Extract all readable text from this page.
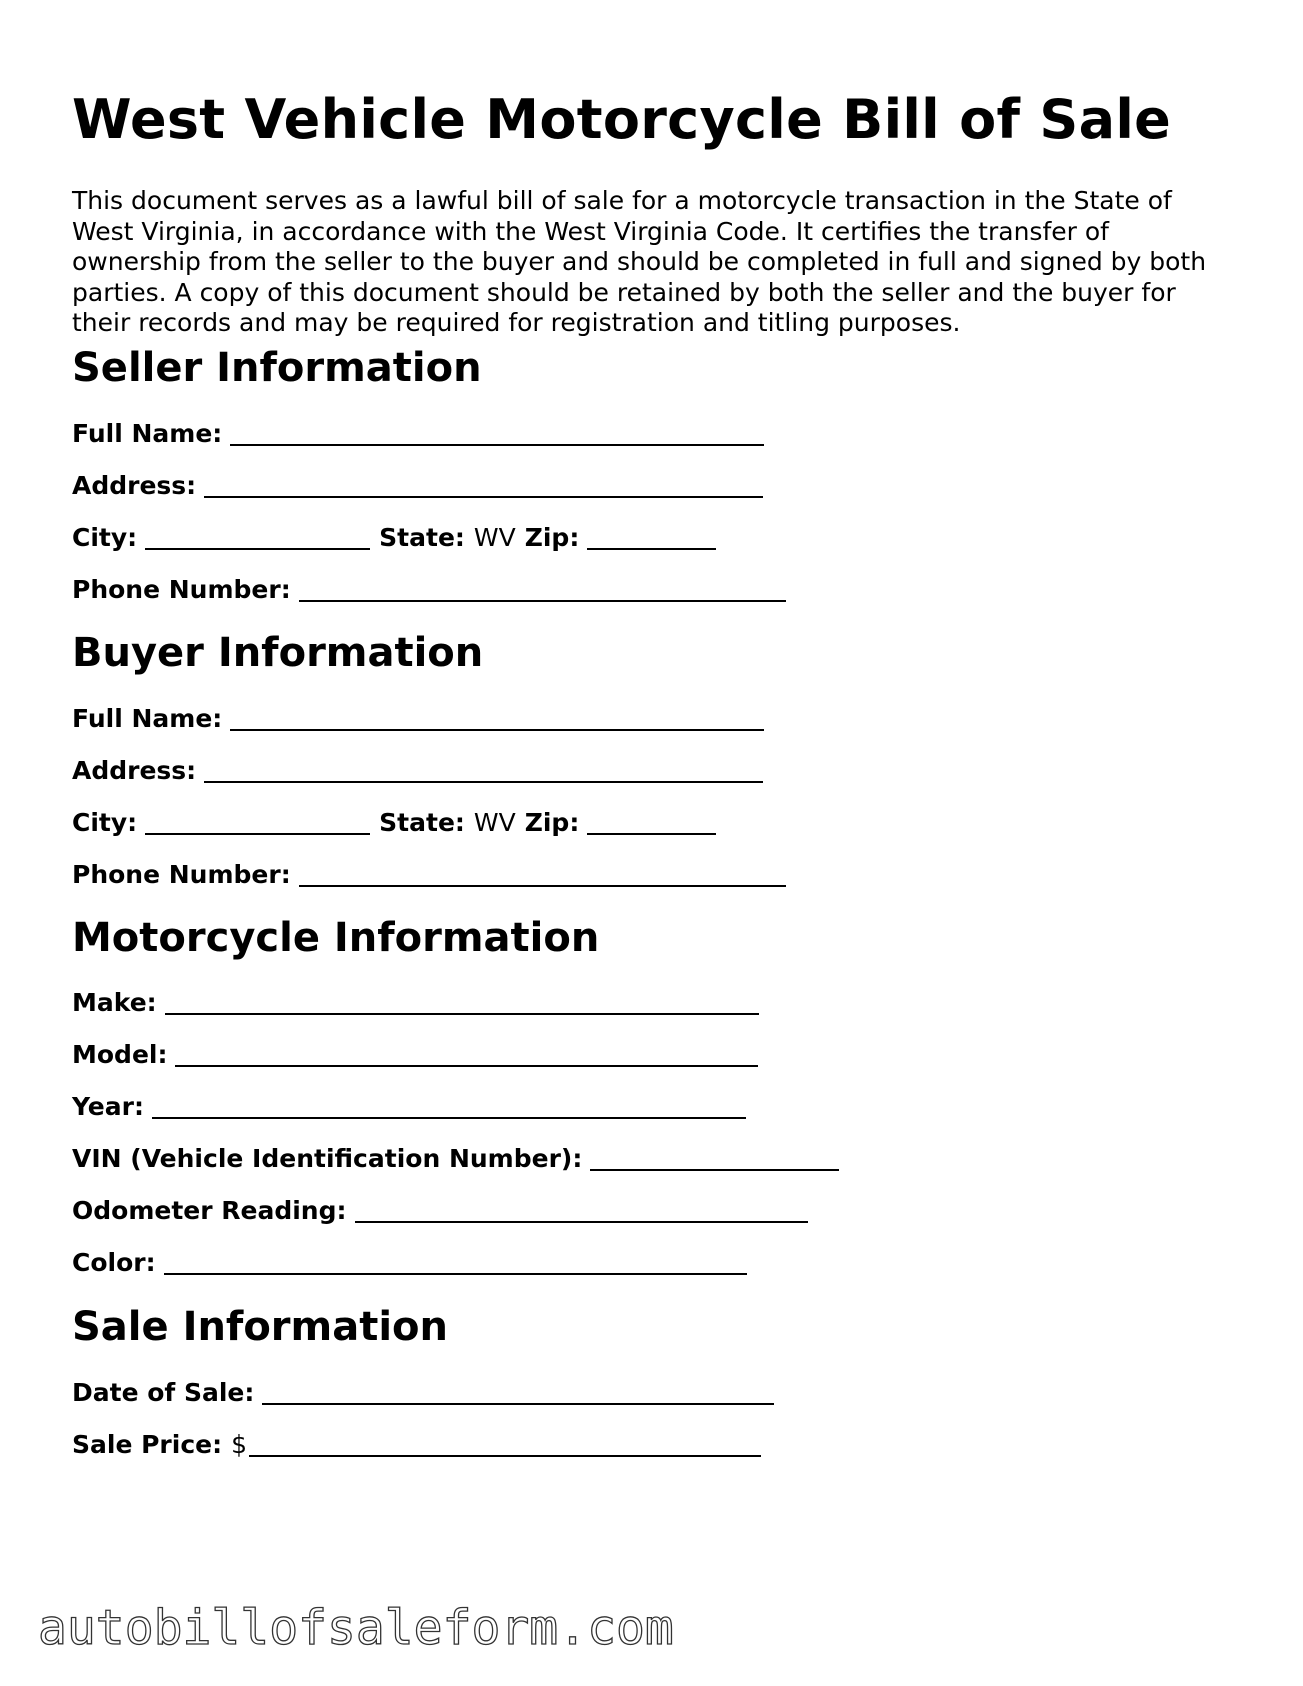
West Vehicle Motorcycle Bill of Sale

This document serves as a lawful bill of sale for a motorcycle transaction in the State of West Virginia, in accordance with the West Virginia Code. It certifies the transfer of ownership from the seller to the buyer and should be completed in full and signed by both parties. A copy of this document should be retained by both the seller and the buyer for their records and may be required for registration and titling purposes.

Seller Information
Full Name:
Address:
City:	State: WV Zip:
Phone Number:
Buyer Information
Full Name:
Address:
City:	State: WV Zip:
Phone Number:
Motorcycle Information
Make:
Model:
Year:
VIN (Vehicle Identification Number):
Odometer Reading:
Color:
Sale Information
Date of Sale:
Sale Price: $
autobillofsaleform.com
